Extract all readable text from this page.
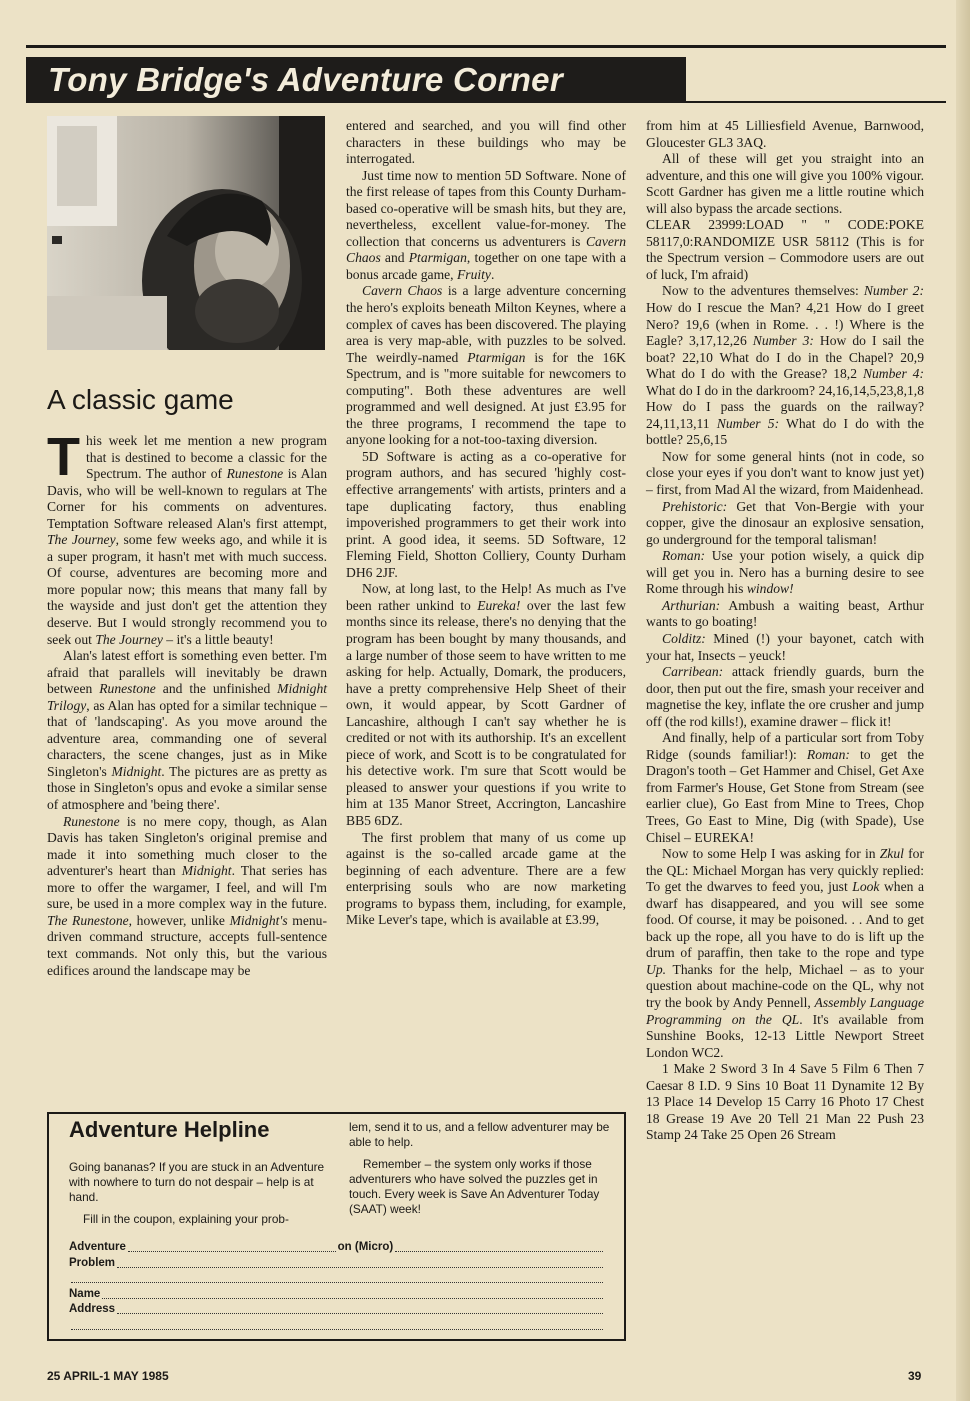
Tony Bridge's Adventure Corner
A classic game

This week let me mention a new program that is destined to become a classic for the Spectrum. The author of Runestone is Alan Davis, who will be well-known to regulars at The Corner for his comments on adventures. Temptation Software released Alan's first attempt, The Journey, some few weeks ago, and while it is a super program, it hasn't met with much success. Of course, adventures are becoming more and more popular now; this means that many fall by the wayside and just don't get the attention they deserve. But I would strongly recommend you to seek out The Journey – it's a little beauty!

Alan's latest effort is something even better. I'm afraid that parallels will inevitably be drawn between Runestone and the unfinished Midnight Trilogy, as Alan has opted for a similar technique – that of 'landscaping'. As you move around the adventure area, commanding one of several characters, the scene changes, just as in Mike Singleton's Midnight. The pictures are as pretty as those in Singleton's opus and evoke a similar sense of atmosphere and 'being there'.

Runestone is no mere copy, though, as Alan Davis has taken Singleton's original premise and made it into something much closer to the adventurer's heart than Midnight. That series has more to offer the wargamer, I feel, and will I'm sure, be used in a more complex way in the future. The Runestone, however, unlike Midnight's menu-driven command structure, accepts full-sentence text commands. Not only this, but the various edifices around the landscape may be

entered and searched, and you will find other characters in these buildings who may be interrogated.

Just time now to mention 5D Software. None of the first release of tapes from this County Durham-based co-operative will be smash hits, but they are, nevertheless, excellent value-for-money. The collection that concerns us adventurers is Cavern Chaos and Ptarmigan, together on one tape with a bonus arcade game, Fruity.

Cavern Chaos is a large adventure concerning the hero's exploits beneath Milton Keynes, where a complex of caves has been discovered. The playing area is very map-able, with puzzles to be solved. The weirdly-named Ptarmigan is for the 16K Spectrum, and is "more suitable for newcomers to computing". Both these adventures are well programmed and well designed. At just £3.95 for the three programs, I recommend the tape to anyone looking for a not-too-taxing diversion.

5D Software is acting as a co-operative for program authors, and has secured 'highly cost-effective arrangements' with artists, printers and a tape duplicating factory, thus enabling impoverished programmers to get their work into print. A good idea, it seems. 5D Software, 12 Fleming Field, Shotton Colliery, County Durham DH6 2JF.

Now, at long last, to the Help! As much as I've been rather unkind to Eureka! over the last few months since its release, there's no denying that the program has been bought by many thousands, and a large number of those seem to have written to me asking for help. Actually, Domark, the producers, have a pretty comprehensive Help Sheet of their own, it would appear, by Scott Gardner of Lancashire, although I can't say whether he is credited or not with its authorship. It's an excellent piece of work, and Scott is to be congratulated for his detective work. I'm sure that Scott would be pleased to answer your questions if you write to him at 135 Manor Street, Accrington, Lancashire BB5 6DZ.

The first problem that many of us come up against is the so-called arcade game at the beginning of each adventure. There are a few enterprising souls who are now marketing programs to bypass them, including, for example, Mike Lever's tape, which is available at £3.99,

from him at 45 Lilliesfield Avenue, Barnwood, Gloucester GL3 3AQ.

All of these will get you straight into an adventure, and this one will give you 100% vigour. Scott Gardner has given me a little routine which will also bypass the arcade sections.

CLEAR 23999:LOAD " " CODE:POKE 58117,0:RANDOMIZE USR 58112 (This is for the Spectrum version – Commodore users are out of luck, I'm afraid)

Now to the adventures themselves: Number 2: How do I rescue the Man? 4,21 How do I greet Nero? 19,6 (when in Rome. . . !) Where is the Eagle? 3,17,12,26 Number 3: How do I sail the boat? 22,10 What do I do in the Chapel? 20,9 What do I do with the Grease? 18,2 Number 4: What do I do in the darkroom? 24,16,14,5,23,8,1,8 How do I pass the guards on the railway? 24,11,13,11 Number 5: What do I do with the bottle? 25,6,15

Now for some general hints (not in code, so close your eyes if you don't want to know just yet) – first, from Mad Al the wizard, from Maidenhead.

Prehistoric: Get that Von-Bergie with your copper, give the dinosaur an explosive sensation, go underground for the temporal talisman!

Roman: Use your potion wisely, a quick dip will get you in. Nero has a burning desire to see Rome through his window!

Arthurian: Ambush a waiting beast, Arthur wants to go boating!

Colditz: Mined (!) your bayonet, catch with your hat, Insects – yeuck!

Carribean: attack friendly guards, burn the door, then put out the fire, smash your receiver and magnetise the key, inflate the ore crusher and jump off (the rod kills!), examine drawer – flick it!

And finally, help of a particular sort from Toby Ridge (sounds familiar!): Roman: to get the Dragon's tooth – Get Hammer and Chisel, Get Axe from Farmer's House, Get Stone from Stream (see earlier clue), Go East from Mine to Trees, Chop Trees, Go East to Mine, Dig (with Spade), Use Chisel – EUREKA!

Now to some Help I was asking for in Zkul for the QL: Michael Morgan has very quickly replied: To get the dwarves to feed you, just Look when a dwarf has disappeared, and you will see some food. Of course, it may be poisoned. . . And to get back up the rope, all you have to do is lift up the drum of paraffin, then take to the rope and type Up. Thanks for the help, Michael – as to your question about machine-code on the QL, why not try the book by Andy Pennell, Assembly Language Programming on the QL. It's available from Sunshine Books, 12-13 Little Newport Street London WC2.

1 Make 2 Sword 3 In 4 Save 5 Film 6 Then 7 Caesar 8 I.D. 9 Sins 10 Boat 11 Dynamite 12 By 13 Place 14 Develop 15 Carry 16 Photo 17 Chest 18 Grease 19 Ave 20 Tell 21 Man 22 Push 23 Stamp 24 Take 25 Open 26 Stream

Adventure Helpline

Going bananas? If you are stuck in an Adventure with nowhere to turn do not despair – help is at hand.

Fill in the coupon, explaining your prob-

lem, send it to us, and a fellow adventurer may be able to help.

Remember – the system only works if those adventurers who have solved the puzzles get in touch. Every week is Save An Adventurer Today (SAAT) week!

Adventure	on (Micro)
Problem
Name
Address
25 APRIL-1 MAY 1985	39
